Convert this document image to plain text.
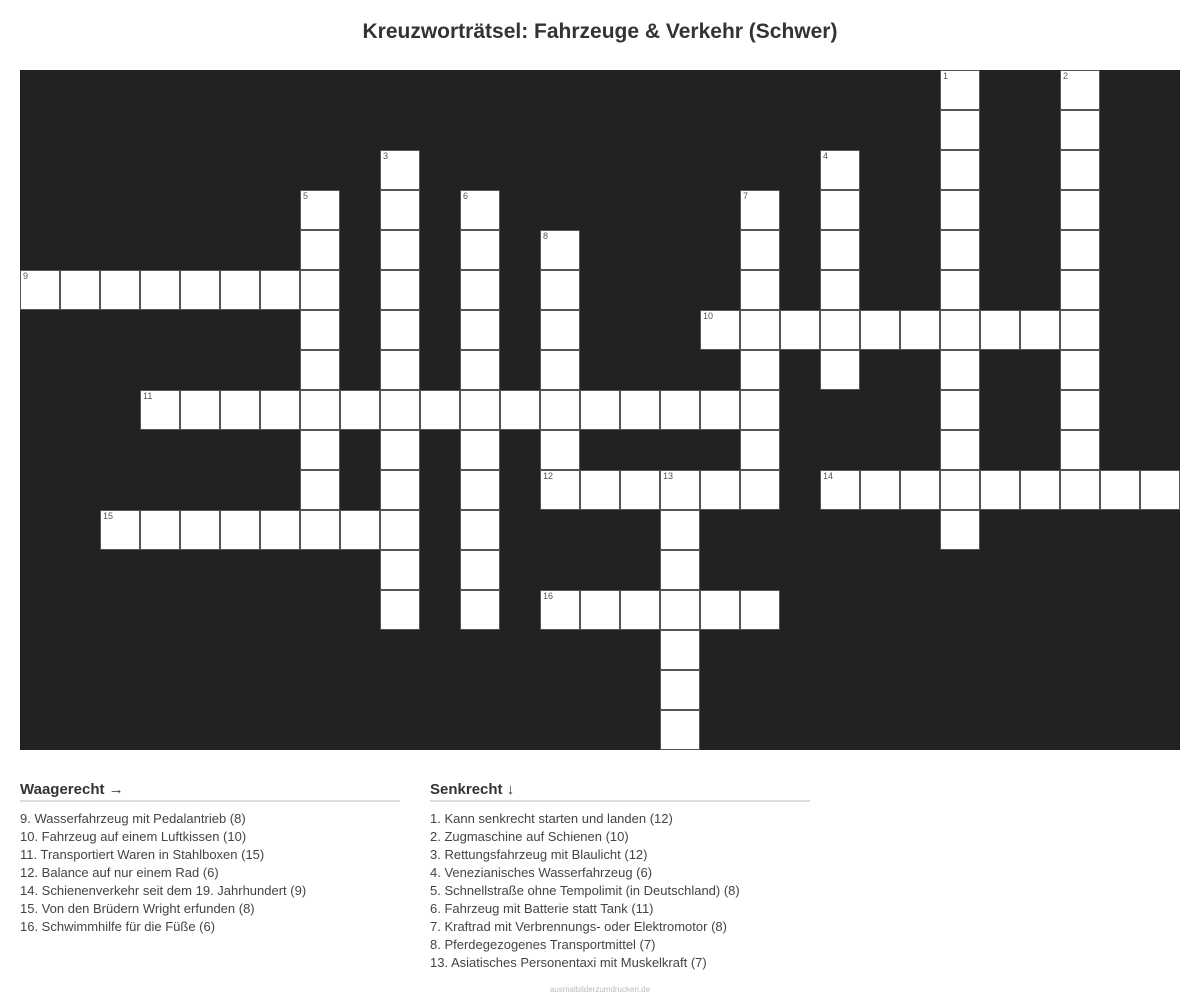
Kreuzworträtsel: Fahrzeuge & Verkehr (Schwer)
1	2
3	4
5	6	7
8
12
9
10
11
13	14
15
16
Waagerecht →
9. Wasserfahrzeug mit Pedalantrieb (8)
10. Fahrzeug auf einem Luftkissen (10)
11. Transportiert Waren in Stahlboxen (15)
12. Balance auf nur einem Rad (6)
14. Schienenverkehr seit dem 19. Jahrhundert (9)
15. Von den Brüdern Wright erfunden (8)
16. Schwimmhilfe für die Füße (6)
Senkrecht ↓
1. Kann senkrecht starten und landen (12)
2. Zugmaschine auf Schienen (10)
3. Rettungsfahrzeug mit Blaulicht (12)
4. Venezianisches Wasserfahrzeug (6)
5. Schnellstraße ohne Tempolimit (in Deutschland) (8)
6. Fahrzeug mit Batterie statt Tank (11)
7. Kraftrad mit Verbrennungs- oder Elektromotor (8)
8. Pferdegezogenes Transportmittel (7)
13. Asiatisches Personentaxi mit Muskelkraft (7)
ausmalbilderzumdrucken.de
